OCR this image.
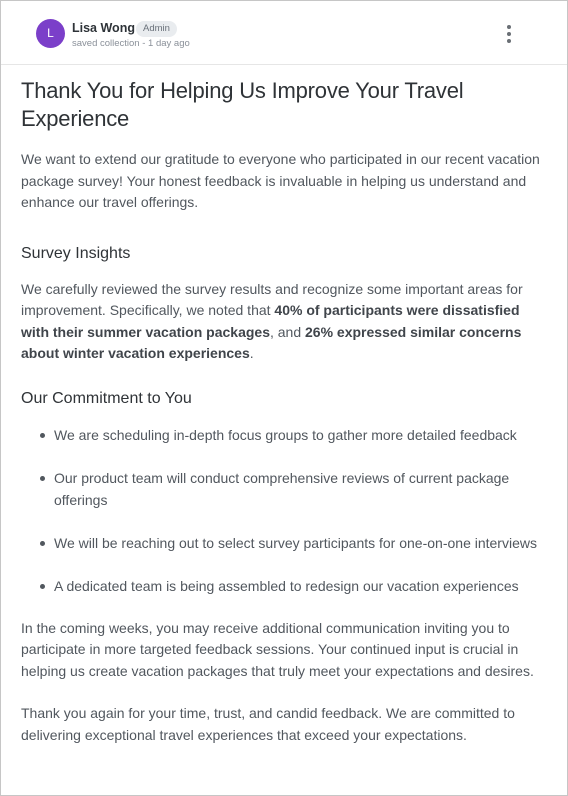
L	Lisa Wong Admin
saved collection - 1 day ago
Thank You for Helping Us Improve Your Travel Experience

We want to extend our gratitude to everyone who participated in our recent vacation package survey! Your honest feedback is invaluable in helping us understand and enhance our travel offerings.

Survey Insights

We carefully reviewed the survey results and recognize some important areas for improvement. Specifically, we noted that 40% of participants were dissatisfied with their summer vacation packages, and 26% expressed similar concerns about winter vacation experiences.

Our Commitment to You
We are scheduling in-depth focus groups to gather more detailed feedback
Our product team will conduct comprehensive reviews of current package offerings
We will be reaching out to select survey participants for one-on-one interviews
A dedicated team is being assembled to redesign our vacation experiences

In the coming weeks, you may receive additional communication inviting you to participate in more targeted feedback sessions. Your continued input is crucial in helping us create vacation packages that truly meet your expectations and desires.

Thank you again for your time, trust, and candid feedback. We are committed to delivering exceptional travel experiences that exceed your expectations.
